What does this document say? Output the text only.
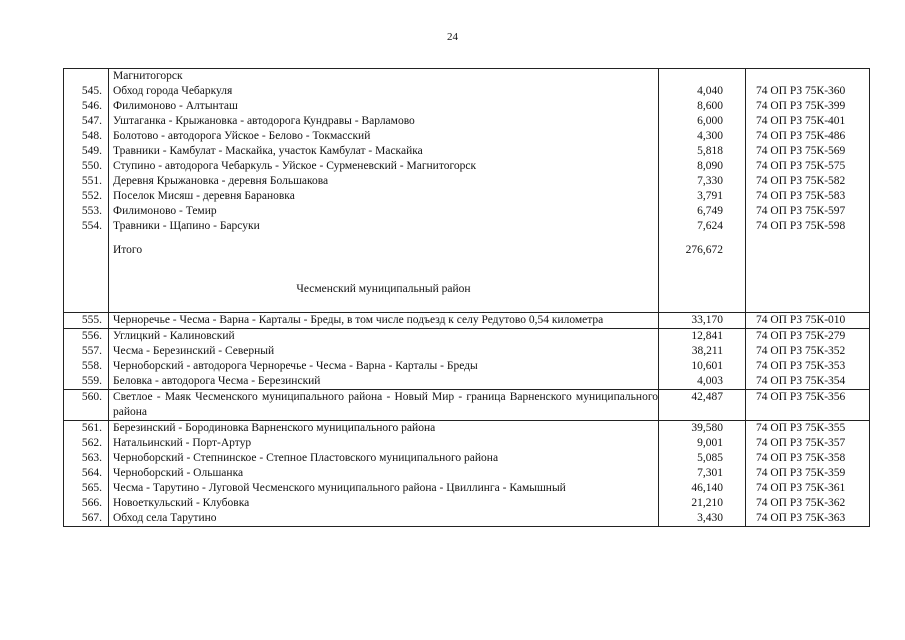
24
	Магнитогорск		
545.	Обход города Чебаркуля	4,040	74 ОП РЗ 75К-360
546.	Филимоново - Алтынташ	8,600	74 ОП РЗ 75К-399
547.	Уштаганка - Крыжановка - автодорога Кундравы - Варламово	6,000	74 ОП РЗ 75К-401
548.	Болотово - автодорога Уйское - Белово - Токмасский	4,300	74 ОП РЗ 75К-486
549.	Травники - Камбулат - Маскайка, участок Камбулат - Маскайка	5,818	74 ОП РЗ 75К-569
550.	Ступино - автодорога Чебаркуль - Уйское - Сурменевский - Магнитогорск	8,090	74 ОП РЗ 75К-575
551.	Деревня Крыжановка - деревня Большакова	7,330	74 ОП РЗ 75К-582
552.	Поселок Мисяш - деревня Барановка	3,791	74 ОП РЗ 75К-583
553.	Филимоново - Темир	6,749	74 ОП РЗ 75К-597
554.	Травники - Щапино - Барсуки	7,624	74 ОП РЗ 75К-598

	Итого	276,672	

	Чесменский муниципальный район		

555.	Черноречье - Чесма - Варна - Карталы - Бреды, в том числе подъезд к селу Редутово 0,54 километра	33,170	74 ОП РЗ 75К-010
556.	Углицкий - Калиновский	12,841	74 ОП РЗ 75К-279
557.	Чесма - Березинский - Северный	38,211	74 ОП РЗ 75К-352
558.	Черноборский - автодорога Черноречье - Чесма - Варна - Карталы - Бреды	10,601	74 ОП РЗ 75К-353
559.	Беловка - автодорога Чесма - Березинский	4,003	74 ОП РЗ 75К-354
560.	Светлое - Маяк Чесменского муниципального района - Новый Мир - граница Варненского муниципального района	42,487	74 ОП РЗ 75К-356
561.	Березинский - Бородиновка Варненского муниципального района	39,580	74 ОП РЗ 75К-355
562.	Натальинский - Порт-Артур	9,001	74 ОП РЗ 75К-357
563.	Черноборский - Степнинское - Степное Пластовского муниципального района	5,085	74 ОП РЗ 75К-358
564.	Черноборский - Ольшанка	7,301	74 ОП РЗ 75К-359
565.	Чесма - Тарутино - Луговой Чесменского муниципального района - Цвиллинга - Камышный	46,140	74 ОП РЗ 75К-361
566.	Новоеткульский - Клубовка	21,210	74 ОП РЗ 75К-362
567.	Обход села Тарутино	3,430	74 ОП РЗ 75К-363
